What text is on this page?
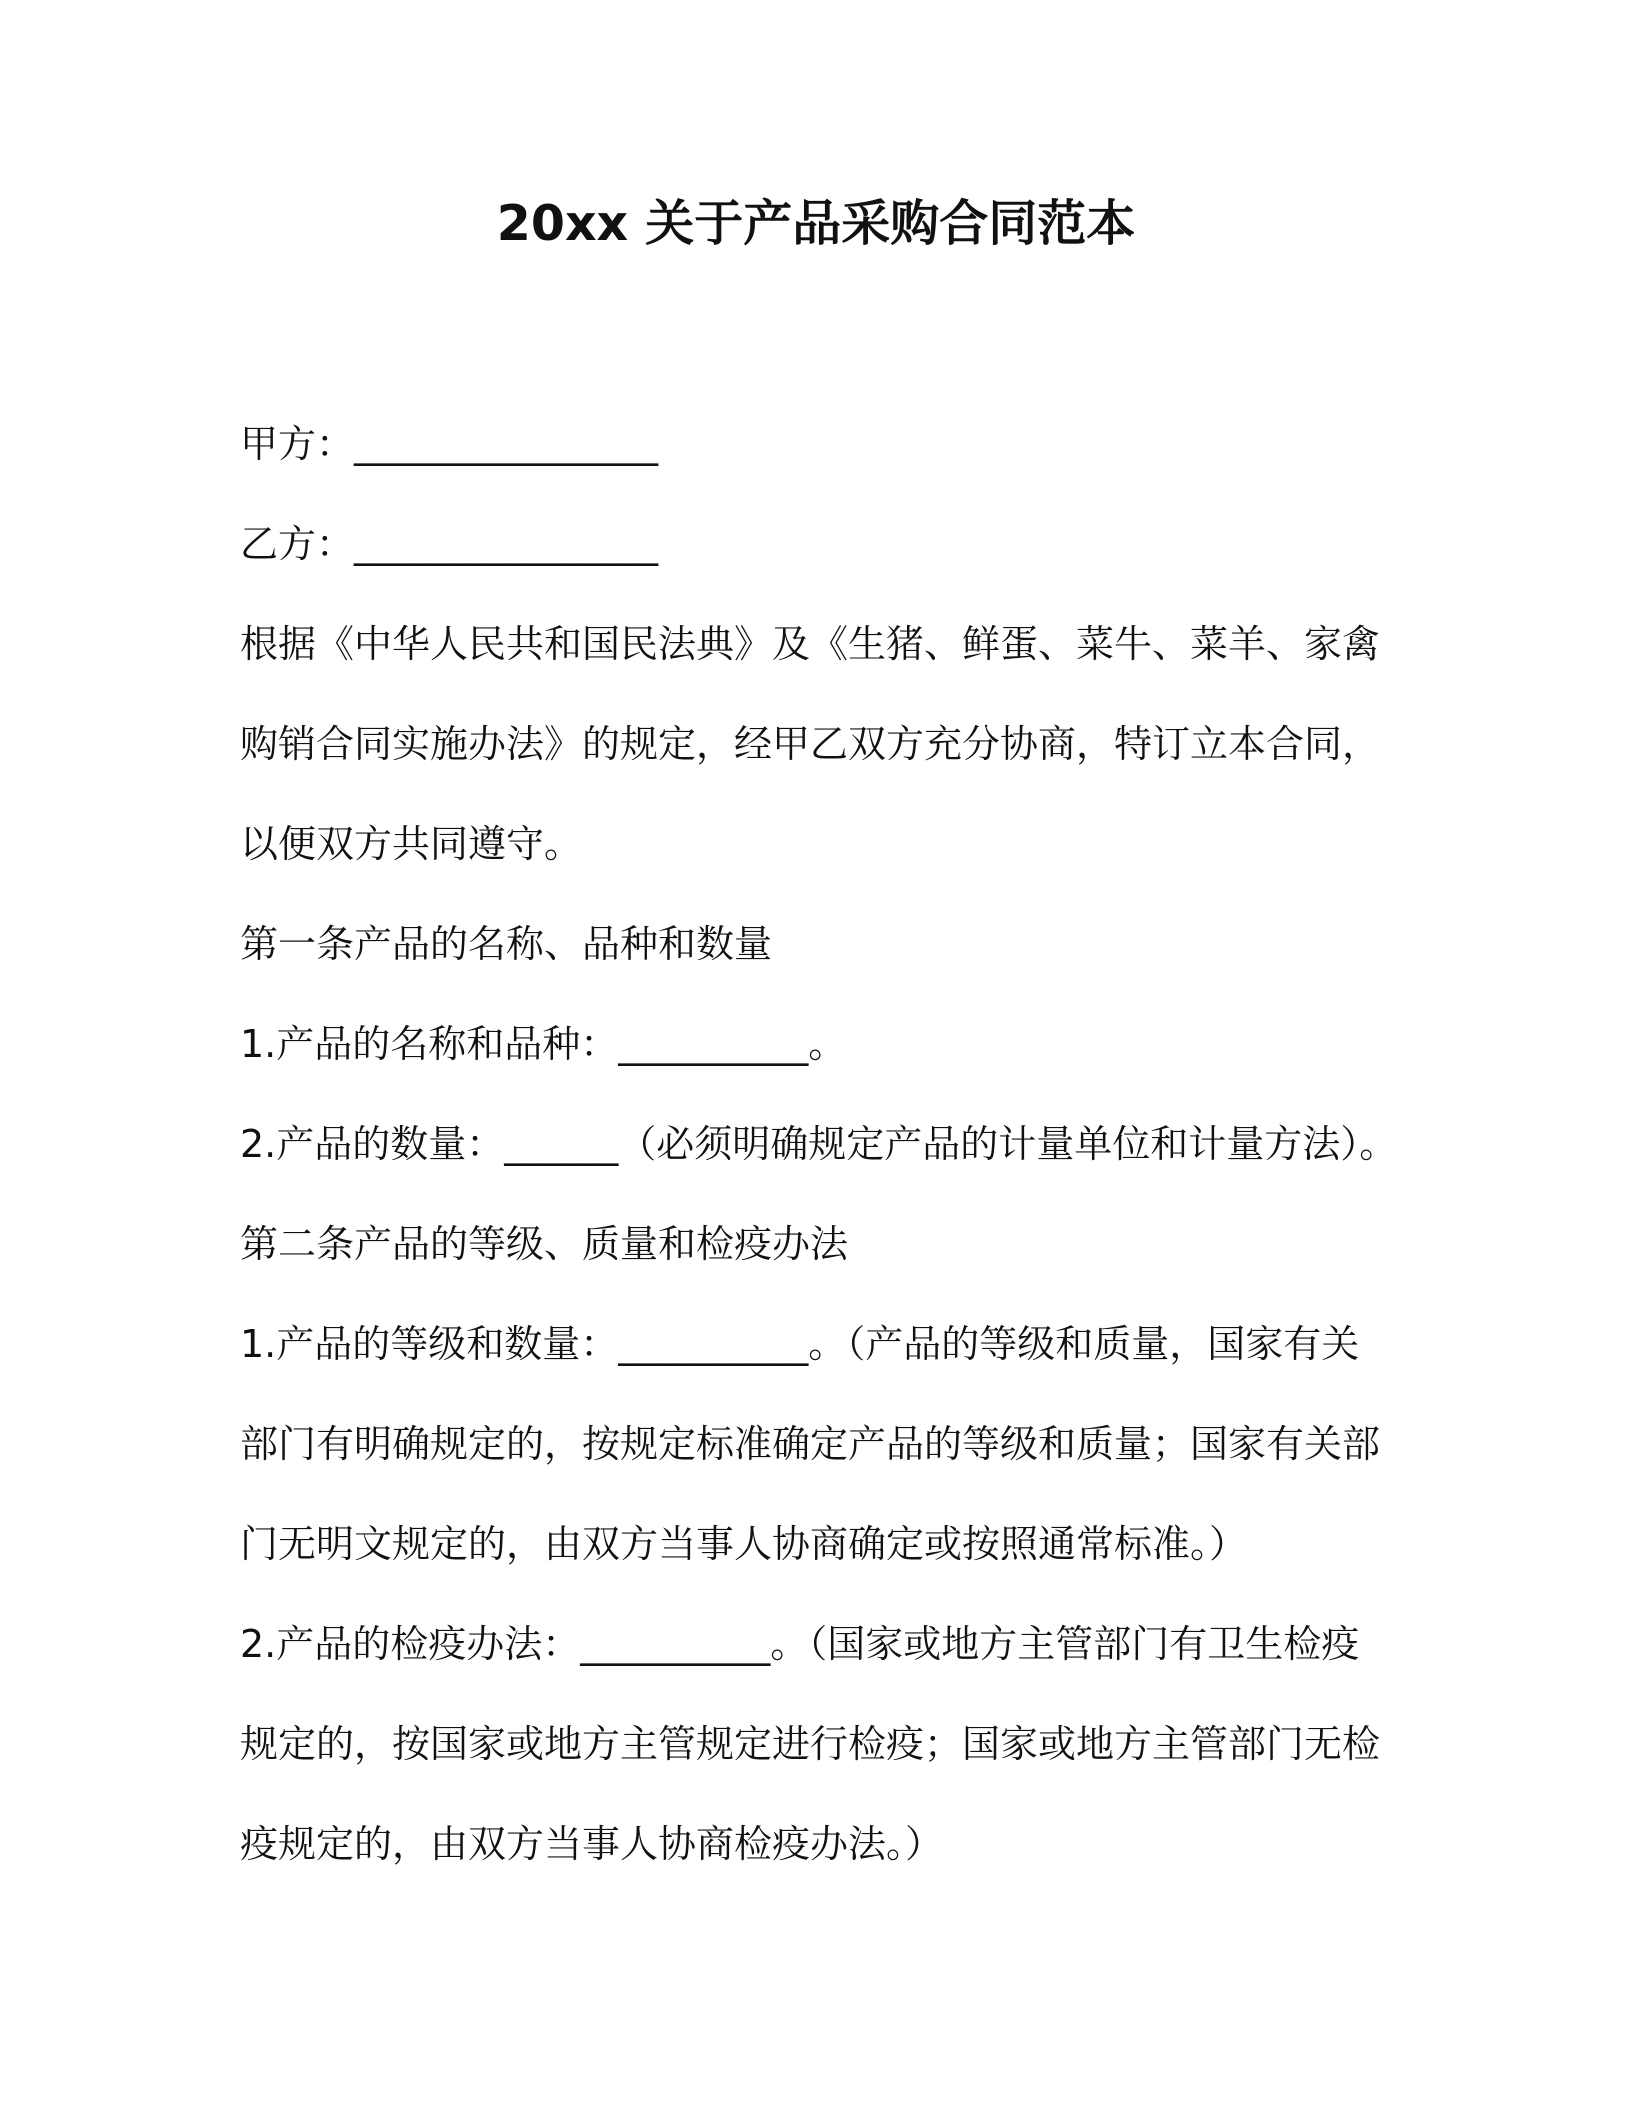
20xx 关于产品采购合同范本
甲方：________________
乙方：________________
根据《中华人民共和国民法典》及《生猪、鲜蛋、菜牛、菜羊、家禽
购销合同实施办法》的规定，经甲乙双方充分协商，特订立本合同，
以便双方共同遵守。
第一条产品的名称、品种和数量
1.产品的名称和品种：__________。
2.产品的数量：______（必须明确规定产品的计量单位和计量方法）。
第二条产品的等级、质量和检疫办法
1.产品的等级和数量：__________。（产品的等级和质量，国家有关
部门有明确规定的，按规定标准确定产品的等级和质量；国家有关部
门无明文规定的，由双方当事人协商确定或按照通常标准。）
2.产品的检疫办法：__________。（国家或地方主管部门有卫生检疫
规定的，按国家或地方主管规定进行检疫；国家或地方主管部门无检
疫规定的，由双方当事人协商检疫办法。）
